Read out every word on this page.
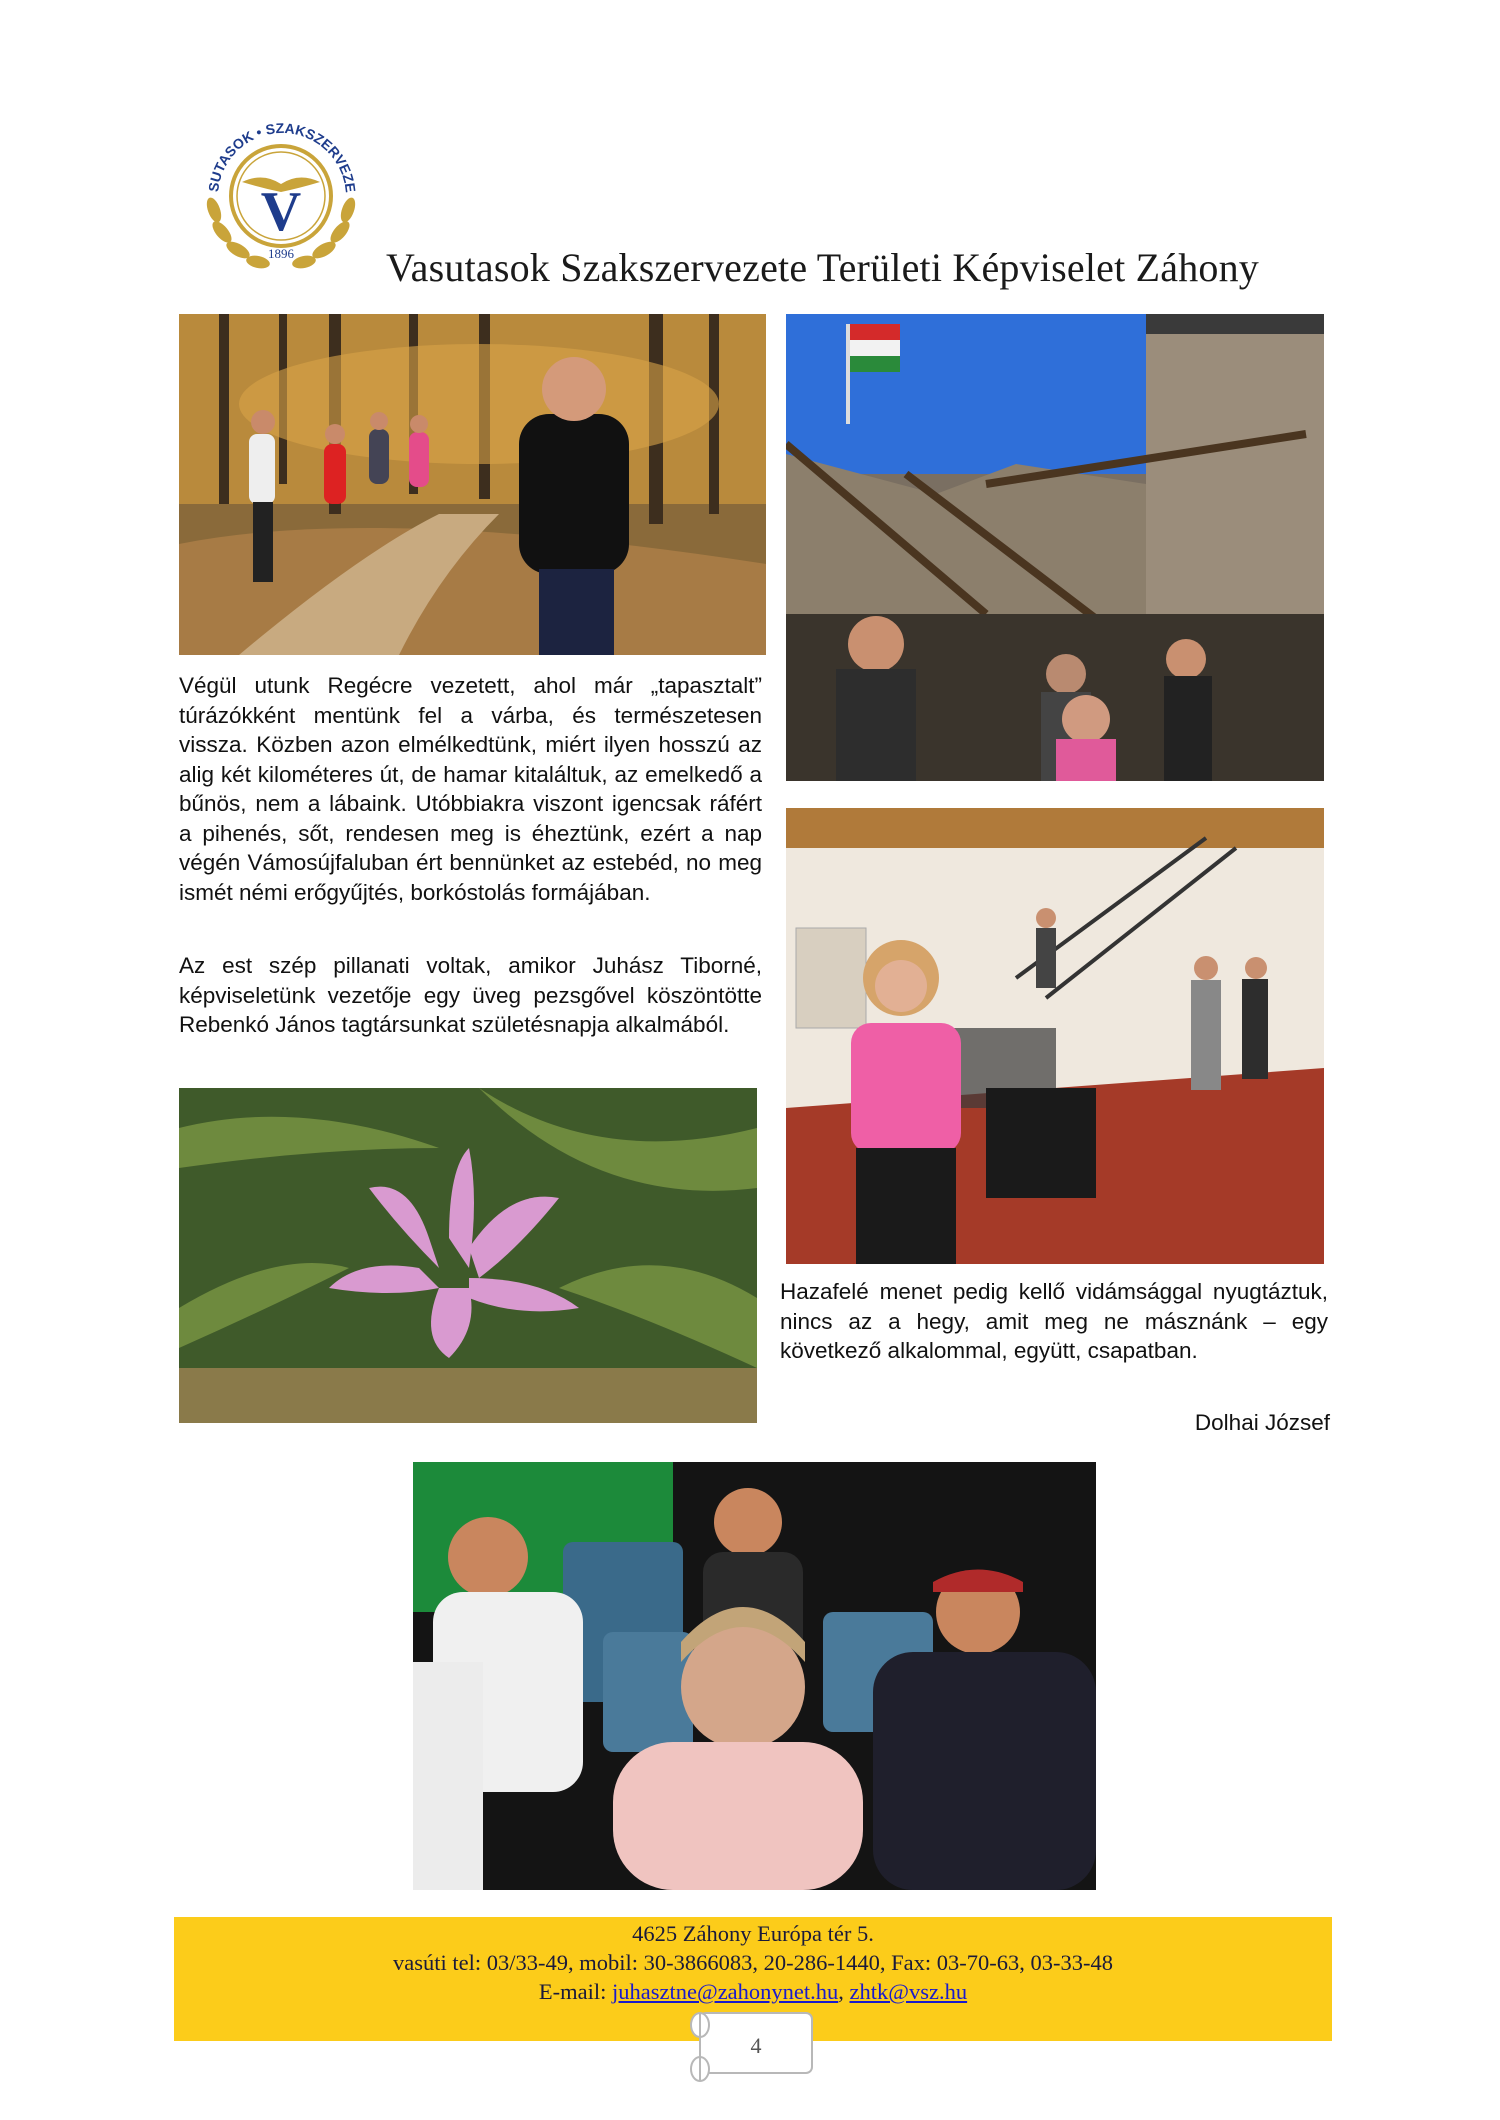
SUTASOK • SZAKSZERVEZE
V
1896 Vasutasok Szakszervezete Területi Képviselet Záhony

Végül utunk Regécre vezetett, ahol már „tapasztalt” túrázókként mentünk fel a várba, és természetesen vissza. Közben azon elmélkedtünk, miért ilyen hosszú az alig két kilométeres út, de hamar kitaláltuk, az emelkedő a bűnös, nem a lábaink. Utóbbiakra viszont igencsak ráfért a pihenés, sőt, rendesen meg is éheztünk, ezért a nap végén Vámosújfaluban ért bennünket az estebéd, no meg ismét némi erőgyűjtés, borkóstolás formájában.

Az est szép pillanati voltak, amikor Juhász Tiborné, képviseletünk vezetője egy üveg pezsgővel köszöntötte Rebenkó János tagtársunkat születésnapja alkalmából.

Hazafelé menet pedig kellő vidámsággal nyugtáztuk, nincs az a hegy, amit meg ne másznánk – egy következő alkalommal, együtt, csapatban.

Dolhai József
4625 Záhony Európa tér 5.
vasúti tel: 03/33-49, mobil: 30-3866083, 20-286-1440, Fax: 03-70-63, 03-33-48
E-mail: juhasztne@zahonynet.hu, zhtk@vsz.hu
4
